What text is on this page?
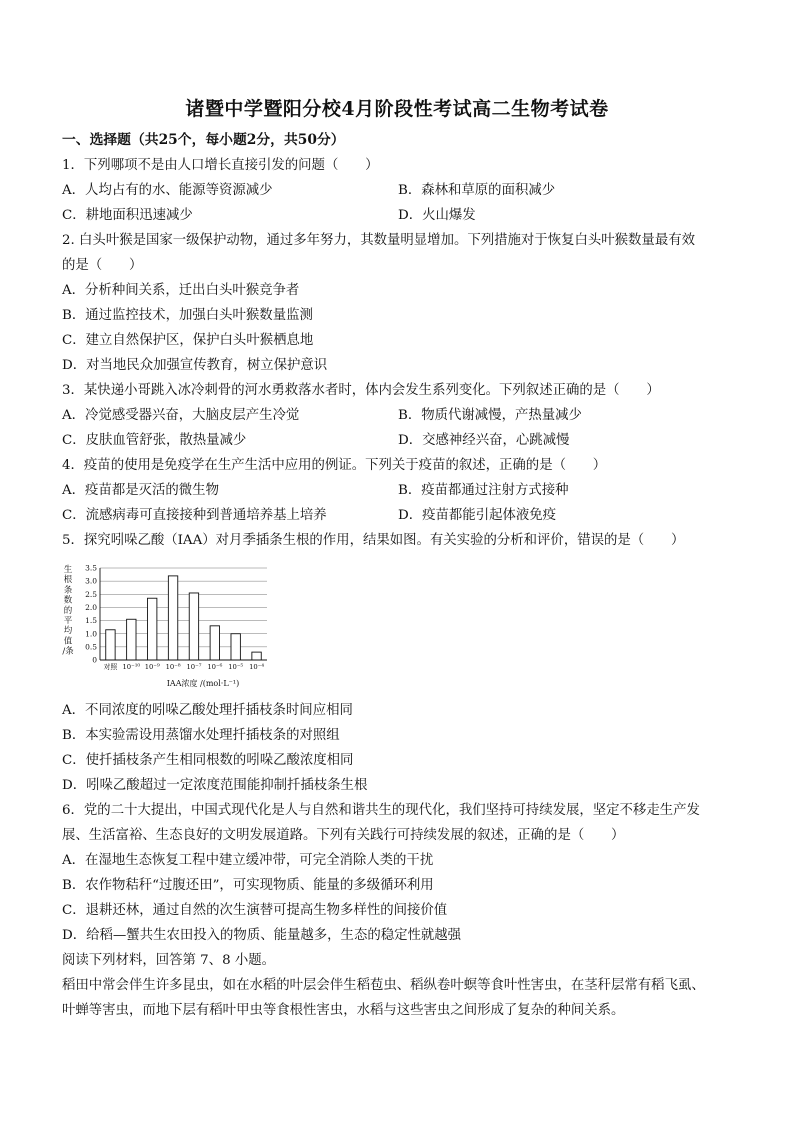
诸暨中学暨阳分校4月阶段性考试高二生物考试卷
一、选择题（共25个，每小题2分，共50分）
1．下列哪项不是由人口增长直接引发的问题（　　）
A．人均占有的水、能源等资源减少	B．森林和草原的面积减少
C．耕地面积迅速减少	D．火山爆发
2. 白头叶猴是国家一级保护动物，通过多年努力，其数量明显增加。下列措施对于恢复白头叶猴数量最有效
的是（　　）
A．分析种间关系，迁出白头叶猴竞争者
B．通过监控技术，加强白头叶猴数量监测
C．建立自然保护区，保护白头叶猴栖息地
D．对当地民众加强宣传教育，树立保护意识
3．某快递小哥跳入冰冷刺骨的河水勇救落水者时，体内会发生系列变化。下列叙述正确的是（　　）
A．冷觉感受器兴奋，大脑皮层产生冷觉	B．物质代谢减慢，产热量减少
C．皮肤血管舒张，散热量减少	D．交感神经兴奋，心跳减慢
4．疫苗的使用是免疫学在生产生活中应用的例证。下列关于疫苗的叙述，正确的是（　　）
A．疫苗都是灭活的微生物	B．疫苗都通过注射方式接种
C．流感病毒可直接接种到普通培养基上培养	D．疫苗都能引起体液免疫
5．探究吲哚乙酸（IAA）对月季插条生根的作用，结果如图。有关实验的分析和评价，错误的是（　　）
生
根
条
数
的
平
均
值
/条
0
0.5
1.0
1.5
2.0
2.5
3.0
3.5
对照 10⁻¹⁰ 10⁻⁹ 10⁻⁸ 10⁻⁷ 10⁻⁶ 10⁻⁵ 10⁻⁴
IAA浓度 /(mol·L⁻¹)
A．不同浓度的吲哚乙酸处理扦插枝条时间应相同
B．本实验需设用蒸馏水处理扦插枝条的对照组
C．使扦插枝条产生相同根数的吲哚乙酸浓度相同
D．吲哚乙酸超过一定浓度范围能抑制扦插枝条生根
6．党的二十大提出，中国式现代化是人与自然和谐共生的现代化，我们坚持可持续发展，坚定不移走生产发
展、生活富裕、生态良好的文明发展道路。下列有关践行可持续发展的叙述，正确的是（　　）
A．在湿地生态恢复工程中建立缓冲带，可完全消除人类的干扰
B．农作物秸秆“过腹还田”，可实现物质、能量的多级循环利用
C．退耕还林，通过自然的次生演替可提高生物多样性的间接价值
D．给稻—蟹共生农田投入的物质、能量越多，生态的稳定性就越强
阅读下列材料，回答第 7、8 小题。
稻田中常会伴生许多昆虫，如在水稻的叶层会伴生稻苞虫、稻纵卷叶螟等食叶性害虫，在茎秆层常有稻飞虱、
叶蝉等害虫，而地下层有稻叶甲虫等食根性害虫，水稻与这些害虫之间形成了复杂的种间关系。
